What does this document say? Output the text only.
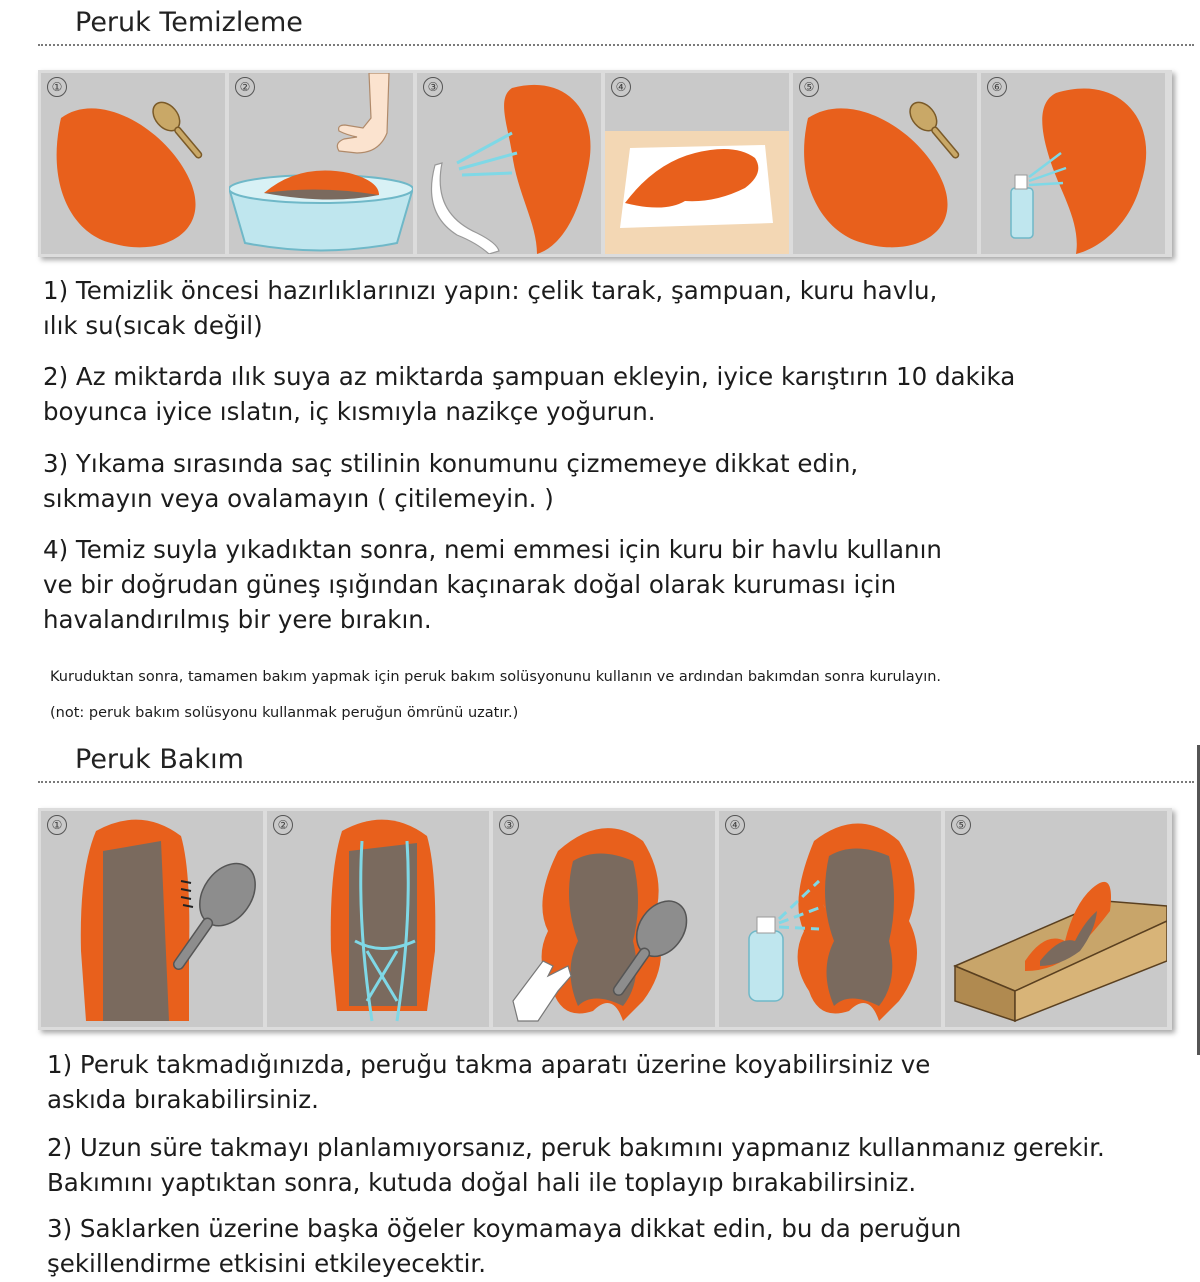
Peruk Temizleme
①	②	③	④	⑤	⑥

1) Temizlik öncesi hazırlıklarınızı yapın: çelik tarak, şampuan, kuru havlu,
ılık su(sıcak değil)

2) Az miktarda ılık suya az miktarda şampuan ekleyin, iyice karıştırın 10 dakika
boyunca iyice ıslatın, iç kısmıyla nazikçe yoğurun.

3) Yıkama sırasında saç stilinin konumunu çizmemeye dikkat edin,
sıkmayın veya ovalamayın ( çitilemeyin. )

4) Temiz suyla yıkadıktan sonra, nemi emmesi için kuru bir havlu kullanın
ve bir doğrudan güneş ışığından kaçınarak doğal olarak kuruması için
havalandırılmış bir yere bırakın.

Kuruduktan sonra, tamamen bakım yapmak için peruk bakım solüsyonunu kullanın ve ardından bakımdan sonra kurulayın.

(not: peruk bakım solüsyonu kullanmak peruğun ömrünü uzatır.)

Peruk Bakım
①	②	③	④	⑤

1) Peruk takmadığınızda, peruğu takma aparatı üzerine koyabilirsiniz ve
askıda bırakabilirsiniz.

2) Uzun süre takmayı planlamıyorsanız, peruk bakımını yapmanız kullanmanız gerekir.
Bakımını yaptıktan sonra, kutuda doğal hali ile toplayıp bırakabilirsiniz.

3) Saklarken üzerine başka öğeler koymamaya dikkat edin, bu da peruğun
şekillendirme etkisini etkileyecektir.
